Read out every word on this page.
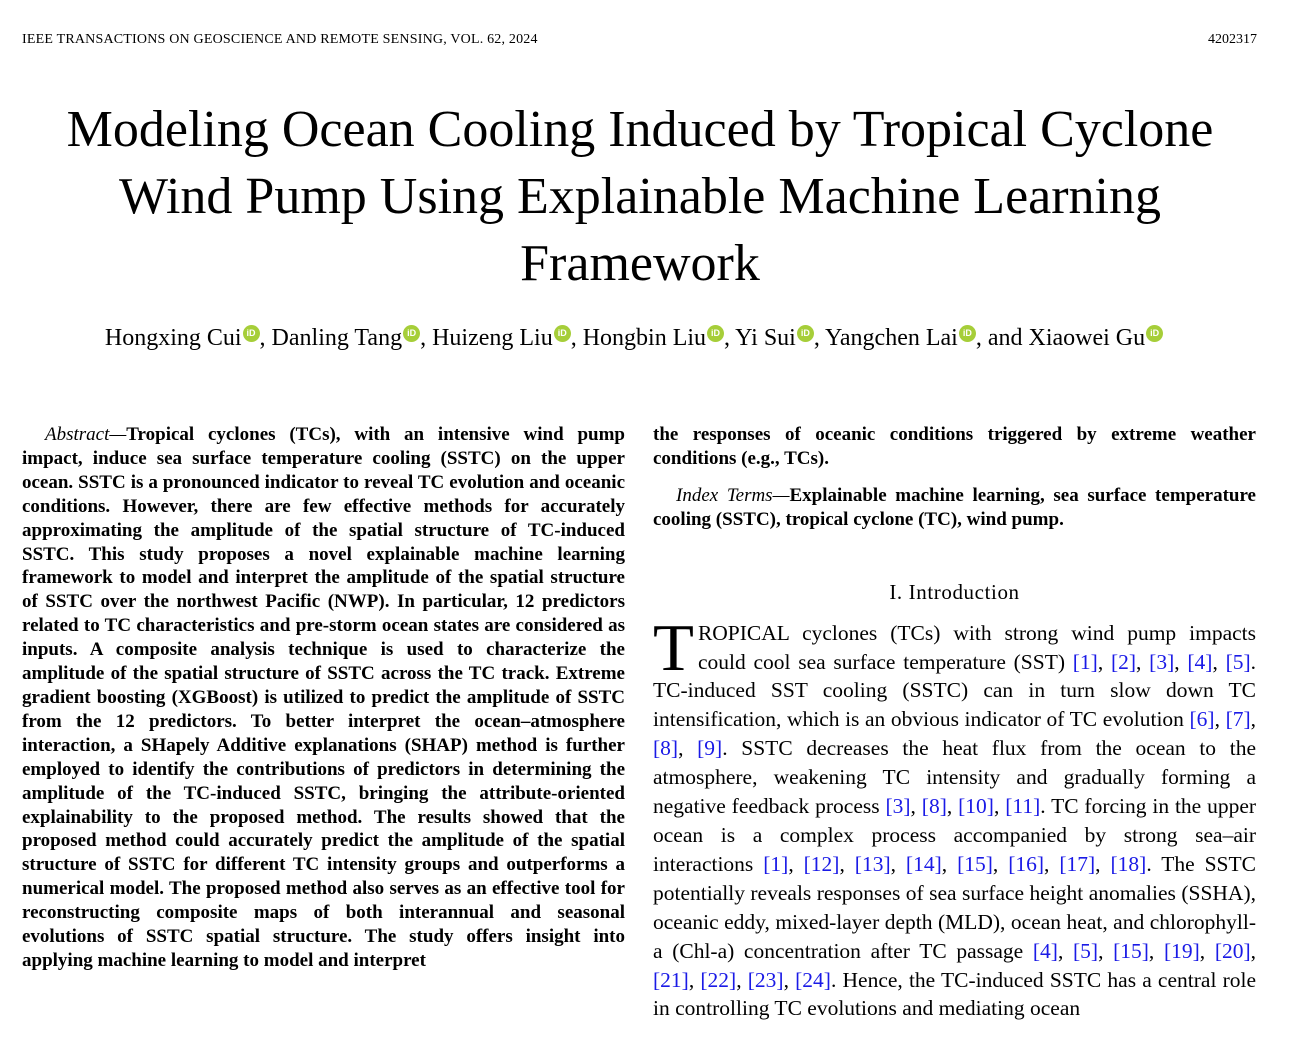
IEEE TRANSACTIONS ON GEOSCIENCE AND REMOTE SENSING, VOL. 62, 2024	4202317
Modeling Ocean Cooling Induced by Tropical Cyclone Wind Pump Using Explainable Machine Learning Framework
Hongxing Cui iD , Danling Tang iD , Huizeng Liu iD , Hongbin Liu iD , Yi Sui iD , Yangchen Lai iD , and Xiaowei Gu iD

Abstract—Tropical cyclones (TCs), with an intensive wind pump impact, induce sea surface temperature cooling (SSTC) on the upper ocean. SSTC is a pronounced indicator to reveal TC evolution and oceanic conditions. However, there are few effective methods for accurately approximating the amplitude of the spatial structure of TC-induced SSTC. This study proposes a novel explainable machine learning framework to model and interpret the amplitude of the spatial structure of SSTC over the northwest Pacific (NWP). In particular, 12 predictors related to TC characteristics and pre-storm ocean states are considered as inputs. A composite analysis technique is used to characterize the amplitude of the spatial structure of SSTC across the TC track. Extreme gradient boosting (XGBoost) is utilized to predict the amplitude of SSTC from the 12 predictors. To better interpret the ocean–atmosphere interaction, a SHapely Additive explanations (SHAP) method is further employed to identify the contributions of predictors in determining the amplitude of the TC-induced SSTC, bringing the attribute-oriented explainability to the proposed method. The results showed that the proposed method could accurately predict the amplitude of the spatial structure of SSTC for different TC intensity groups and outperforms a numerical model. The proposed method also serves as an effective tool for reconstructing composite maps of both interannual and seasonal evolutions of SSTC spatial structure. The study offers insight into applying machine learning to model and interpret

the responses of oceanic conditions triggered by extreme weather conditions (e.g., TCs).

Index Terms—Explainable machine learning, sea surface temperature cooling (SSTC), tropical cyclone (TC), wind pump.

I. Introduction

TROPICAL cyclones (TCs) with strong wind pump impacts could cool sea surface temperature (SST) [1], [2], [3], [4], [5]. TC-induced SST cooling (SSTC) can in turn slow down TC intensification, which is an obvious indicator of TC evolution [6], [7], [8], [9]. SSTC decreases the heat flux from the ocean to the atmosphere, weakening TC intensity and gradually forming a negative feedback process [3], [8], [10], [11]. TC forcing in the upper ocean is a complex process accompanied by strong sea–air interactions [1], [12], [13], [14], [15], [16], [17], [18]. The SSTC potentially reveals responses of sea surface height anomalies (SSHA), oceanic eddy, mixed-layer depth (MLD), ocean heat, and chlorophyll-a (Chl-a) concentration after TC passage [4], [5], [15], [19], [20], [21], [22], [23], [24]. Hence, the TC-induced SSTC has a central role in controlling TC evolutions and mediating ocean
